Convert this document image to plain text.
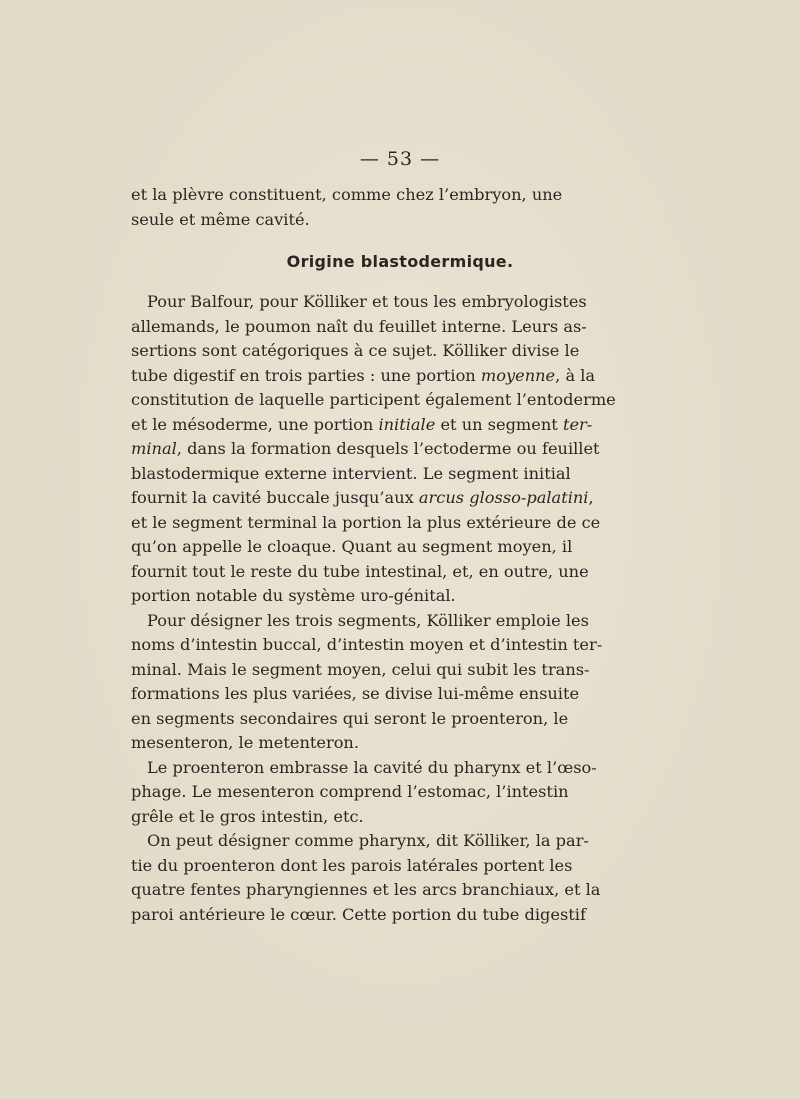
— 53 —
et la plèvre constituent, comme chez l’embryon, une
seule et même cavité.
Origine blastodermique.
Pour Balfour, pour Kölliker et tous les embryologistes
allemands, le poumon naît du feuillet interne. Leurs as-
sertions sont catégoriques à ce sujet. Kölliker divise le
tube digestif en trois parties : une portion moyenne, à la
constitution de laquelle participent également l’entoderme
et le mésoderme, une portion initiale et un segment ter-
minal, dans la formation desquels l’ectoderme ou feuillet
blastodermique externe intervient. Le segment initial
fournit la cavité buccale jusqu’aux arcus glosso-palatini,
et le segment terminal la portion la plus extérieure de ce
qu’on appelle le cloaque. Quant au segment moyen, il
fournit tout le reste du tube intestinal, et, en outre, une
portion notable du système uro-génital.
Pour désigner les trois segments, Kölliker emploie les
noms d’intestin buccal, d’intestin moyen et d’intestin ter-
minal. Mais le segment moyen, celui qui subit les trans-
formations les plus variées, se divise lui-même ensuite
en segments secondaires qui seront le proenteron, le
mesenteron, le metenteron.
Le proenteron embrasse la cavité du pharynx et l’œso-
phage. Le mesenteron comprend l’estomac, l’intestin
grêle et le gros intestin, etc.
On peut désigner comme pharynx, dit Kölliker, la par-
tie du proenteron dont les parois latérales portent les
quatre fentes pharyngiennes et les arcs branchiaux, et la
paroi antérieure le cœur. Cette portion du tube digestif
